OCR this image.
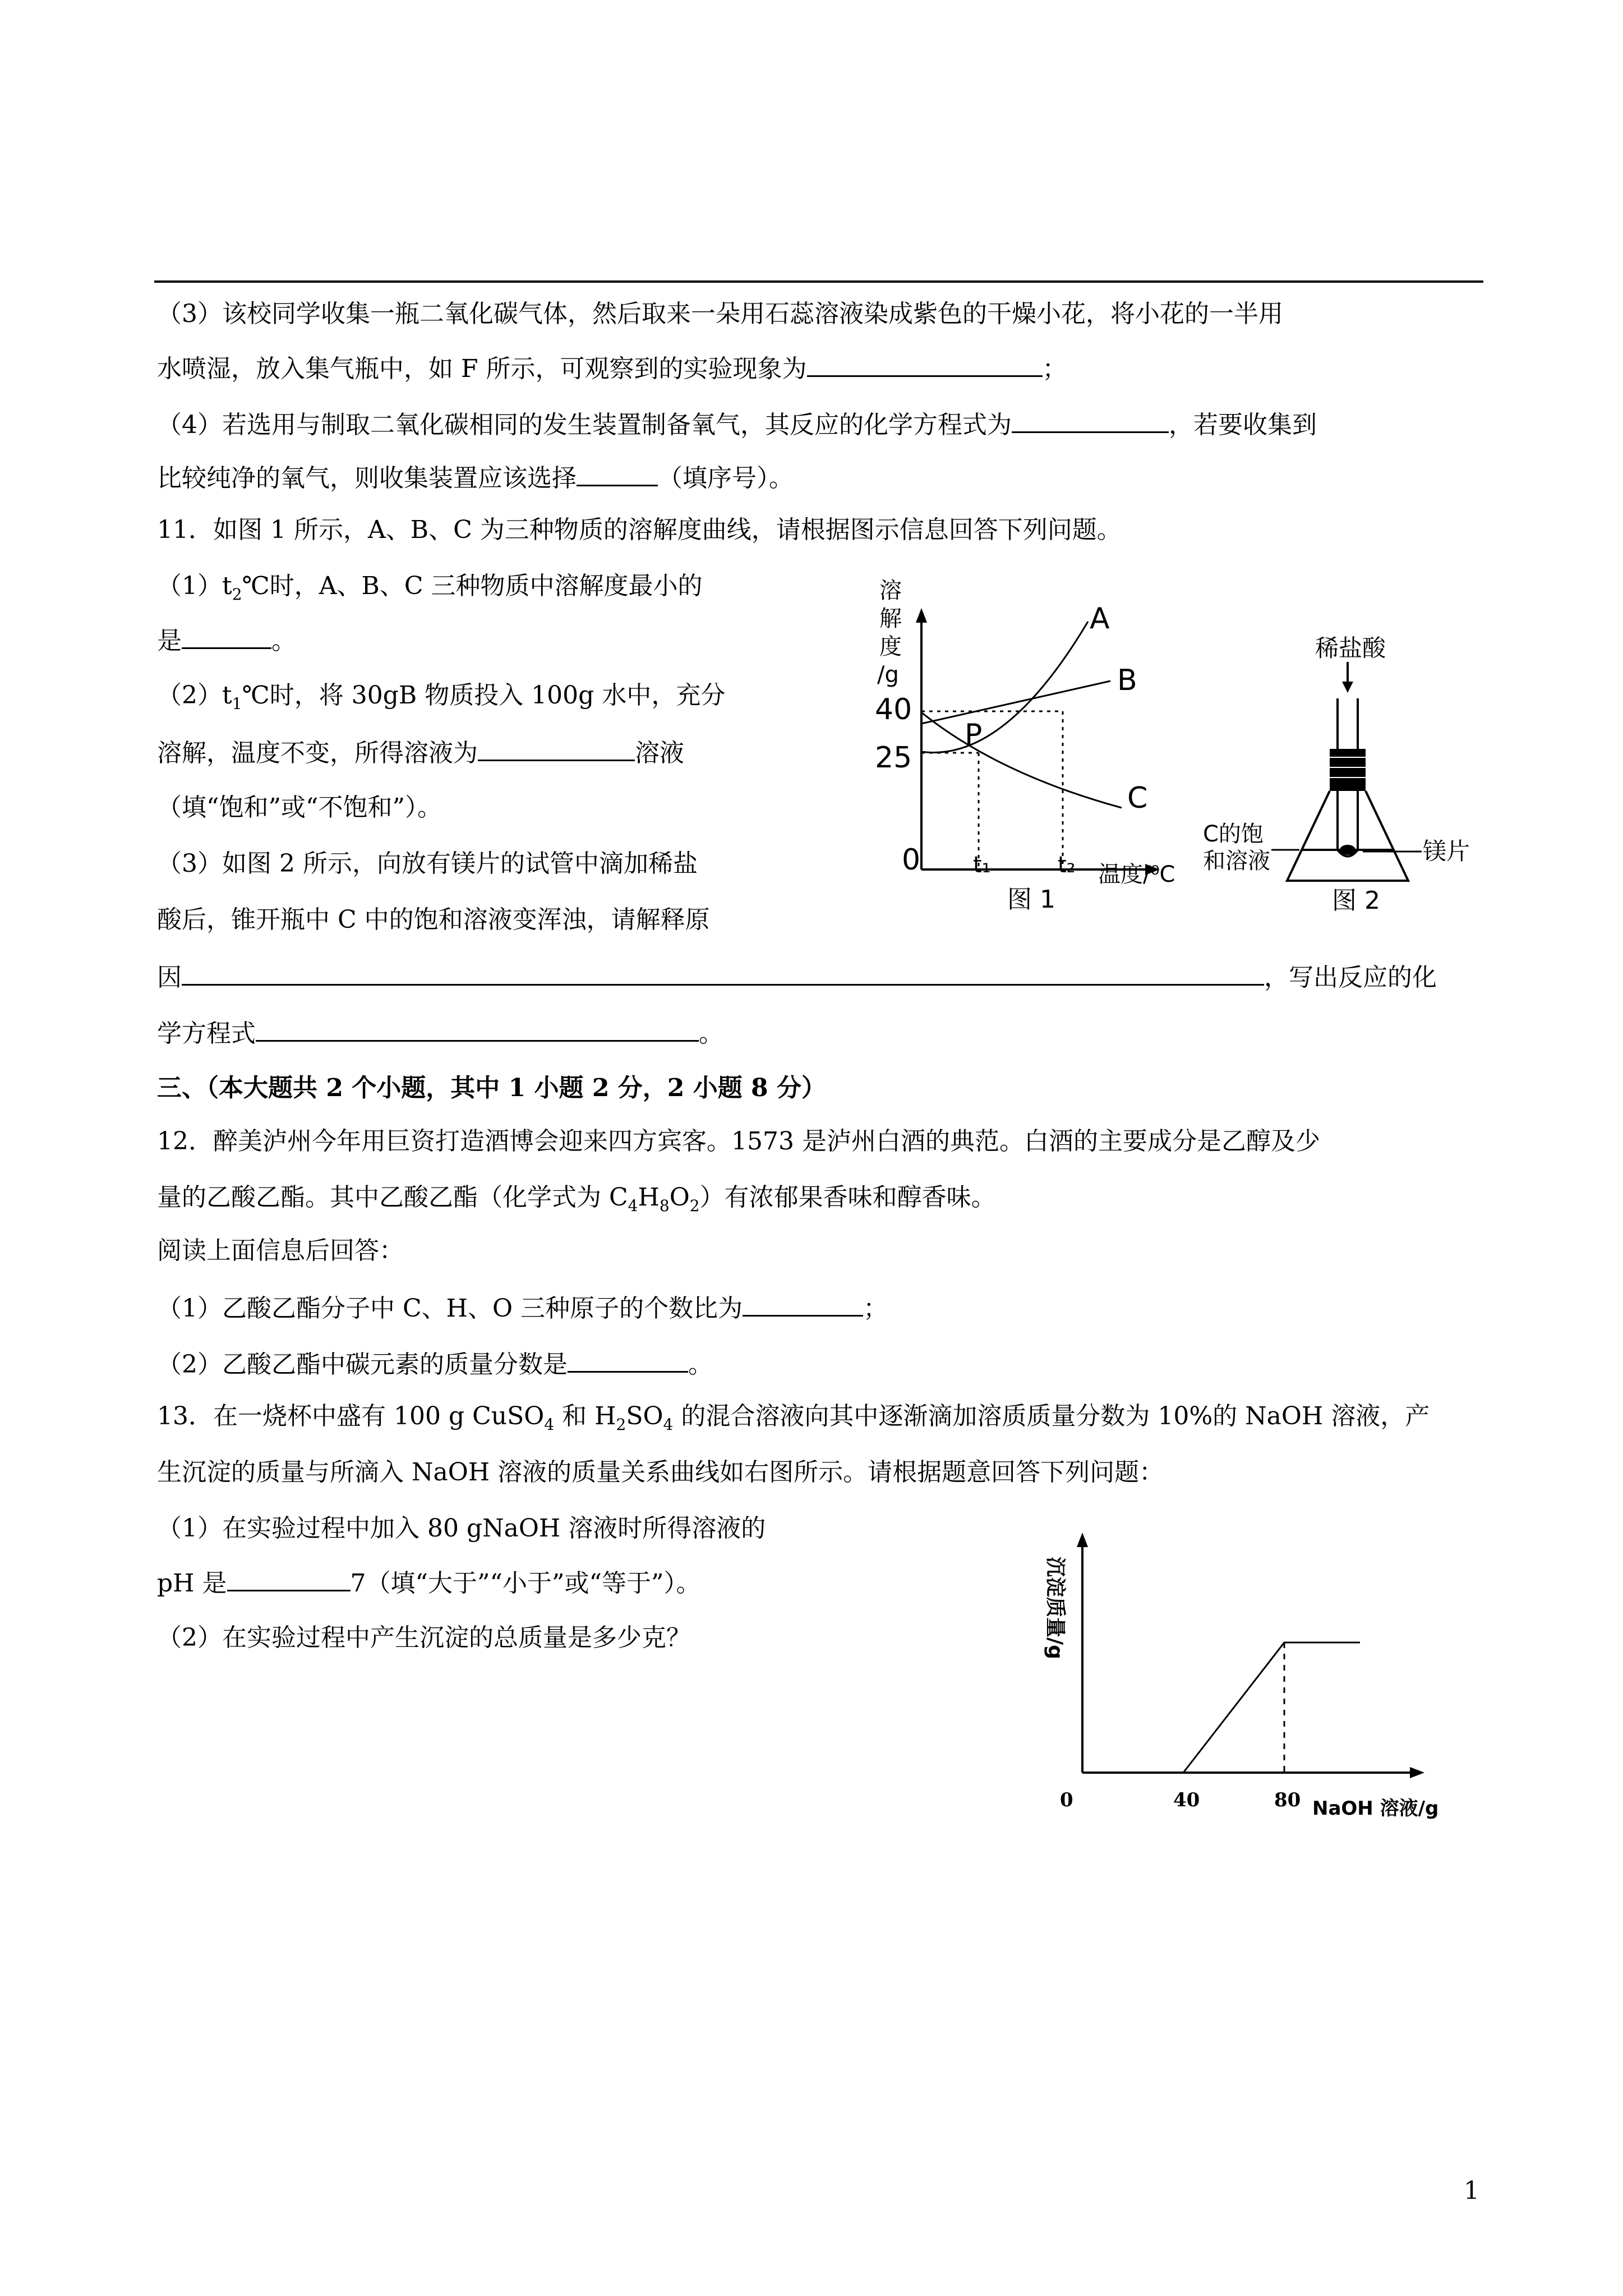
（3）该校同学收集一瓶二氧化碳气体，然后取来一朵用石蕊溶液染成紫色的干燥小花，将小花的一半用
水喷湿，放入集气瓶中，如 F 所示，可观察到的实验现象为	；
（4）若选用与制取二氧化碳相同的发生装置制备氧气，其反应的化学方程式为	，若要收集到
比较纯净的氧气，则收集装置应该选择	（填序号）。
11．如图 1 所示，A、B、C 为三种物质的溶解度曲线，请根据图示信息回答下列问题。
$(1)t_2℃$时，A、B、C 三种物质中溶解度最小的
是	。
$(2)t_1℃$时，将 30gB 物质投入 100g 水中，充分
溶解，温度不变，所得溶液为	溶液
（填“饱和”或“不饱和”）。
（3）如图 2 所示，向放有镁片的试管中滴加稀盐
酸后，锥开瓶中 C 中的饱和溶液变浑浊，请解释原
因	，写出反应的化
学方程式	。
溶
解
度
/g
40
25
0 t₁	t₂ 温度/⁰C
A
B
C
P
图 1
稀盐酸
镁片
C的饱
和溶液
图 2
三、（本大题共 2 个小题，其中 1 小题 2 分，2 小题 8 分）
12．醉美泸州今年用巨资打造酒博会迎来四方宾客。1573 是泸州白酒的典范。白酒的主要成分是乙醇及少
量的乙酸乙酯。其中乙酸乙酯（化学式为 $C_4H_8O_2$）有浓郁果香味和醇香味。
阅读上面信息后回答：
（1）乙酸乙酯分子中 C、H、O 三种原子的个数比为	；
（2）乙酸乙酯中碳元素的质量分数是	。
13．在一烧杯中盛有 100 g CuSO$_4$ 和 $H_2SO_4$ 的混合溶液向其中逐渐滴加溶质质量分数为 10%的 NaOH 溶液，产
生沉淀的质量与所滴入 NaOH 溶液的质量关系曲线如右图所示。请根据题意回答下列问题：
（1）在实验过程中加入 80 gNaOH 溶液时所得溶液的
pH 是	7（填“大于”“小于”或“等于”）。
（2）在实验过程中产生沉淀的总质量是多少克？	沉淀质量/g
0	40	80 NaOH 溶液/g
1
